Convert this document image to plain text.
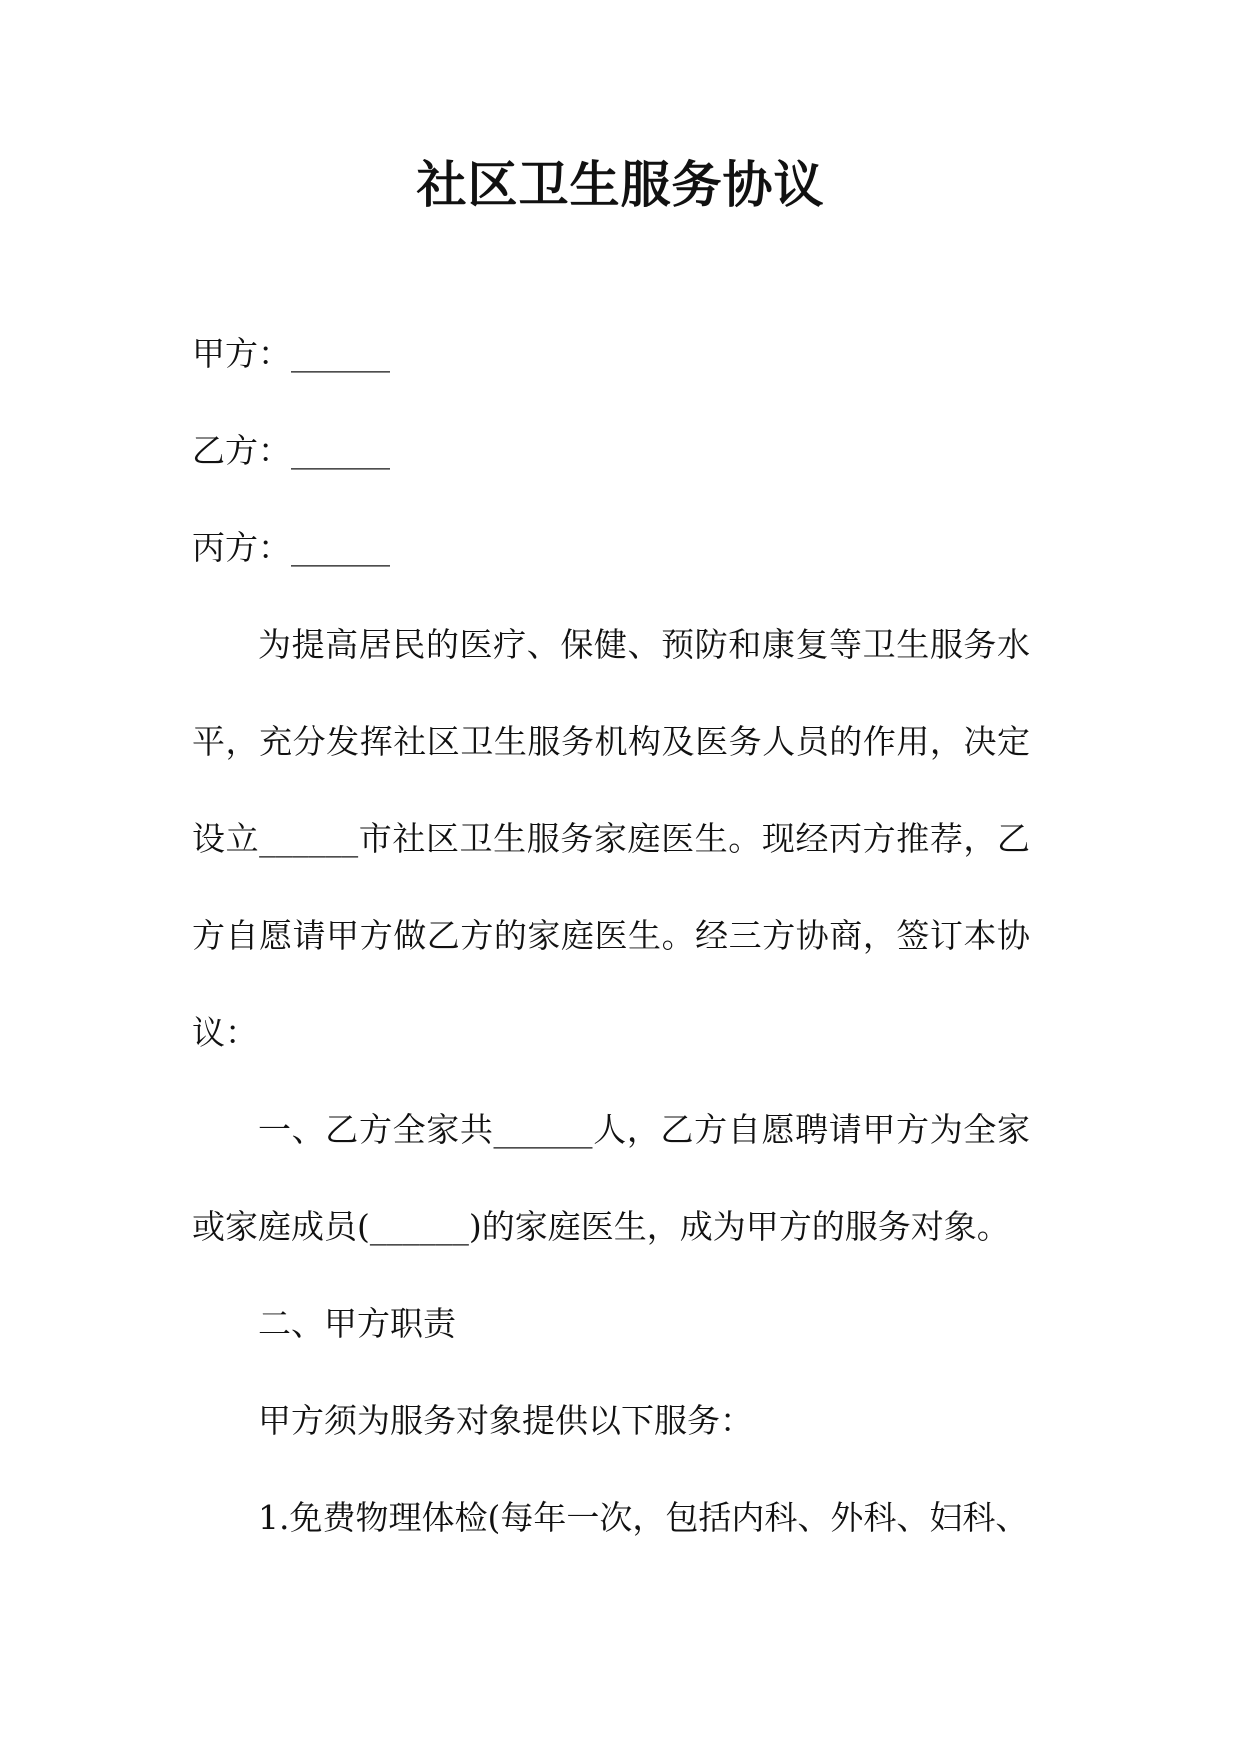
社区卫生服务协议

甲方：______

乙方：______

丙方：______

为提高居民的医疗、保健、预防和康复等卫生服务水平，充分发挥社区卫生服务机构及医务人员的作用，决定设立______市社区卫生服务家庭医生。现经丙方推荐，乙方自愿请甲方做乙方的家庭医生。经三方协商，签订本协议：

一、乙方全家共______人，乙方自愿聘请甲方为全家或家庭成员(______)的家庭医生，成为甲方的服务对象。

二、甲方职责

甲方须为服务对象提供以下服务：

1.免费物理体检(每年一次，包括内科、外科、妇科、
